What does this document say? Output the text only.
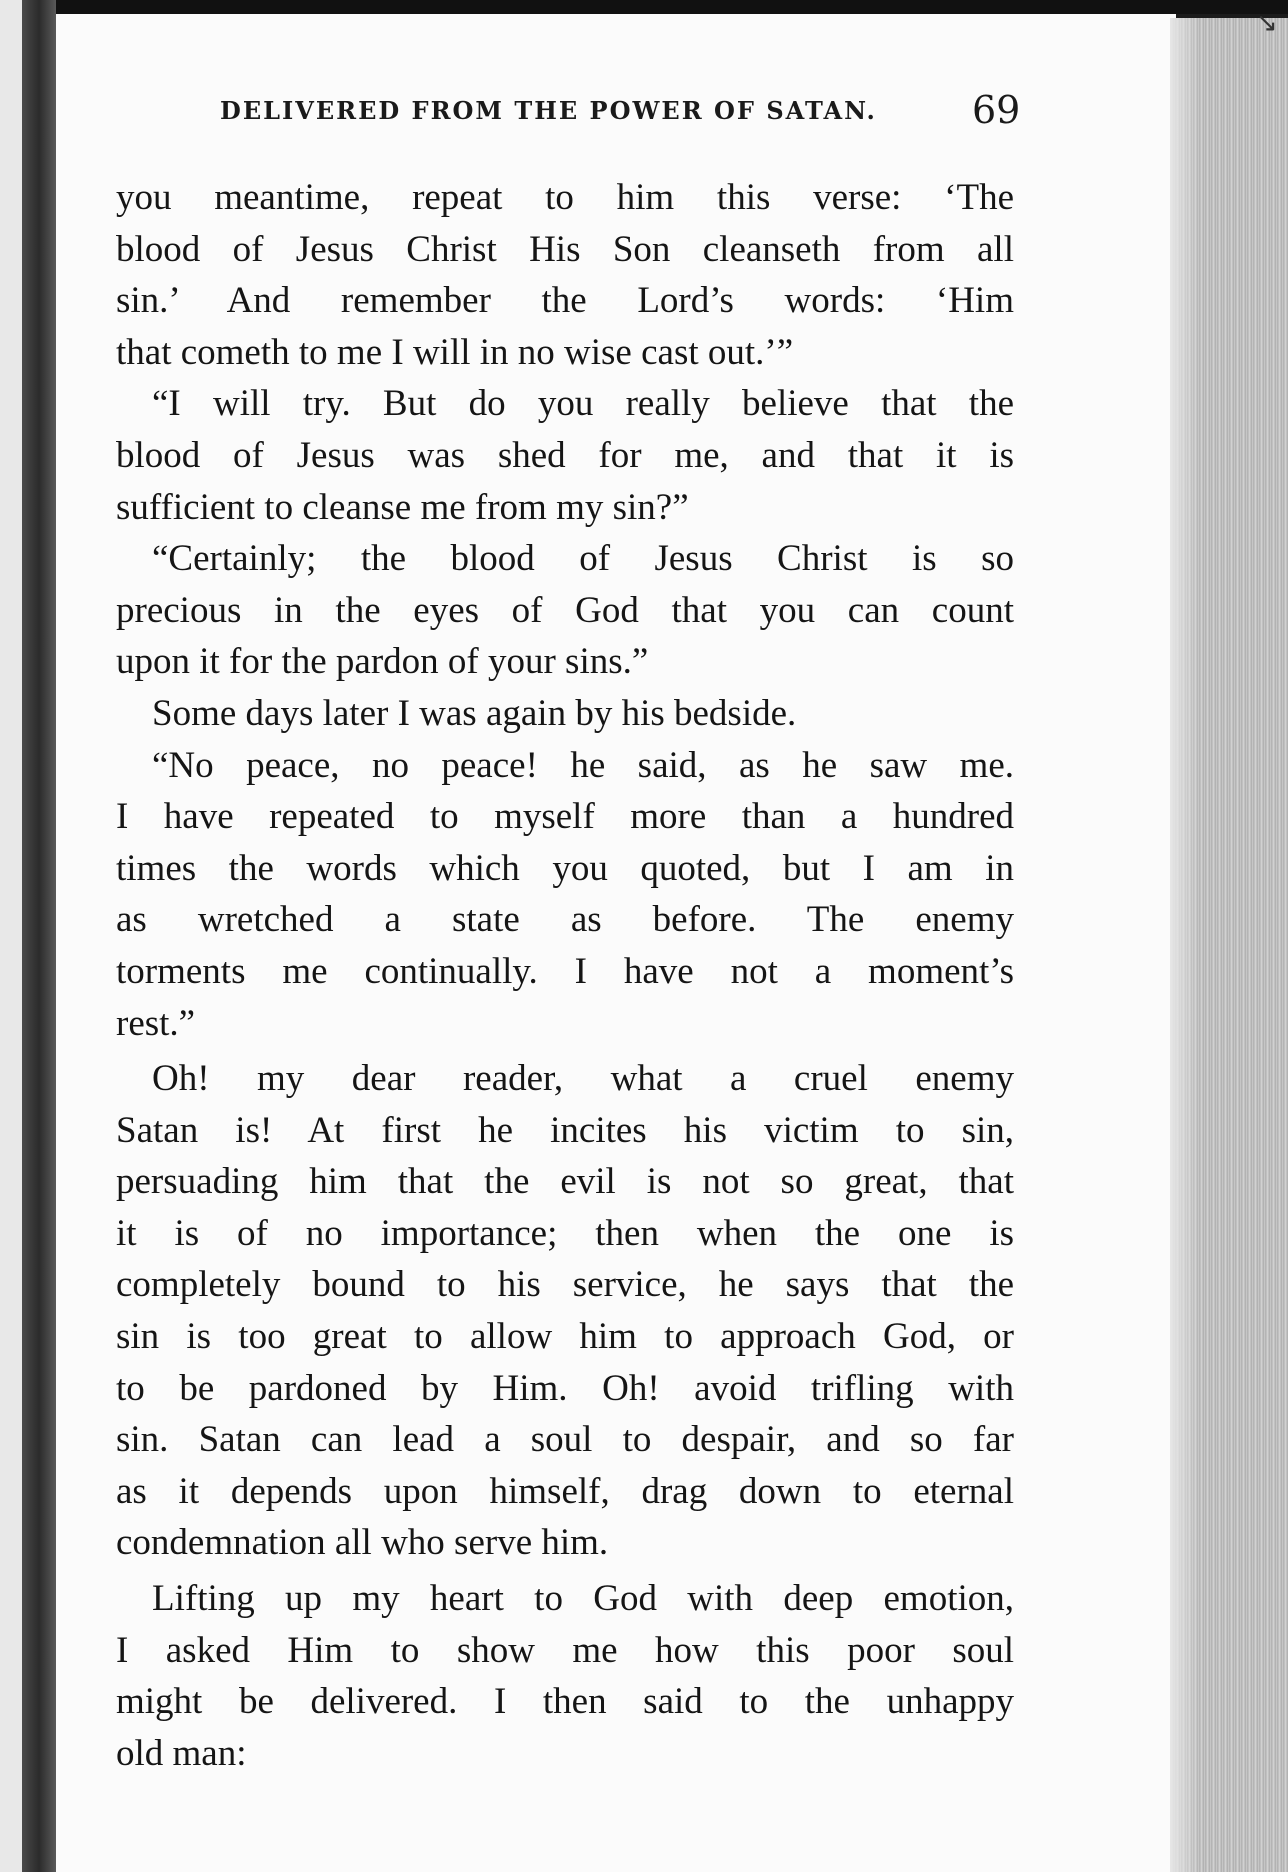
↘
DELIVERED FROM THE POWER OF SATAN.	69
you meantime, repeat to him this verse: ‘The
blood of Jesus Christ His Son cleanseth from all
sin.’ And remember the Lord’s words: ‘Him
that cometh to me I will in no wise cast out.’”
“I will try. But do you really believe that the
blood of Jesus was shed for me, and that it is
sufficient to cleanse me from my sin?”
“Certainly; the blood of Jesus Christ is so
precious in the eyes of God that you can count
upon it for the pardon of your sins.”
Some days later I was again by his bedside.
“No peace, no peace! he said, as he saw me.
I have repeated to myself more than a hundred
times the words which you quoted, but I am in
as wretched a state as before. The enemy
torments me continually. I have not a moment’s
rest.”
Oh! my dear reader, what a cruel enemy
Satan is! At first he incites his victim to sin,
persuading him that the evil is not so great, that
it is of no importance; then when the one is
completely bound to his service, he says that the
sin is too great to allow him to approach God, or
to be pardoned by Him. Oh! avoid trifling with
sin. Satan can lead a soul to despair, and so far
as it depends upon himself, drag down to eternal
condemnation all who serve him.
Lifting up my heart to God with deep emotion,
I asked Him to show me how this poor soul
might be delivered. I then said to the unhappy
old man:
